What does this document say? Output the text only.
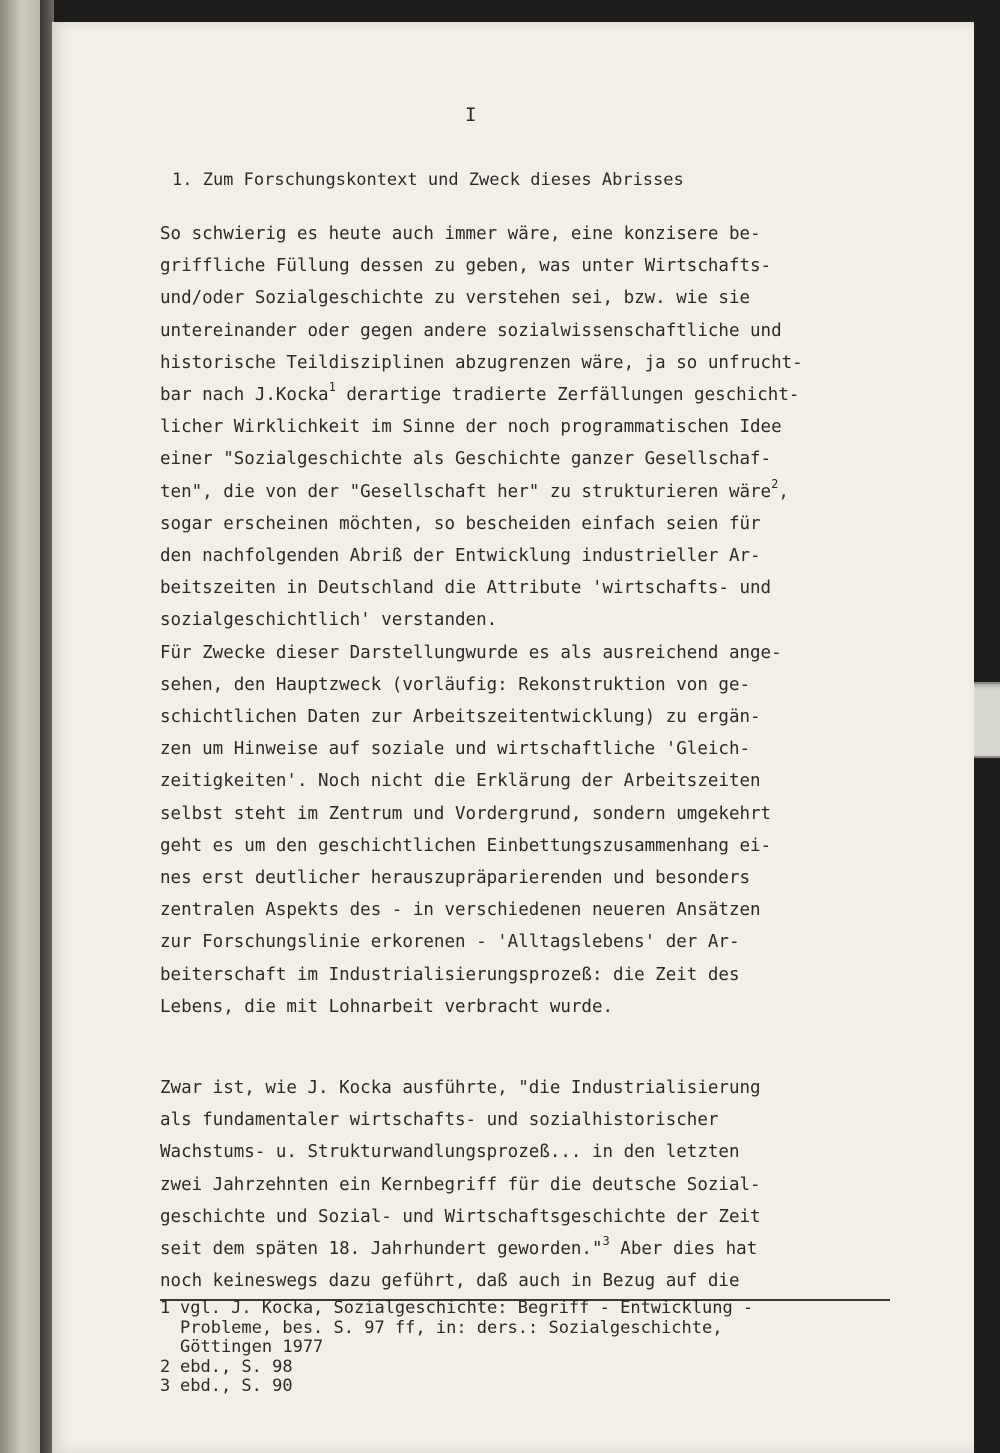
I
1. Zum Forschungskontext und Zweck dieses Abrisses
So schwierig es heute auch immer wäre, eine konzisere be-
griffliche Füllung dessen zu geben, was unter Wirtschafts-
und/oder Sozialgeschichte zu verstehen sei, bzw. wie sie
untereinander oder gegen andere sozialwissenschaftliche und
historische Teildisziplinen abzugrenzen wäre, ja so unfrucht-
bar nach J.Kocka$^1$ derartige tradierte Zerfällungen geschicht-
licher Wirklichkeit im Sinne der noch programmatischen Idee
einer "Sozialgeschichte als Geschichte ganzer Gesellschaf-
ten", die von der "Gesellschaft her" zu strukturieren wäre$^2$,
sogar erscheinen möchten, so bescheiden einfach seien für
den nachfolgenden Abriß der Entwicklung industrieller Ar-
beitszeiten in Deutschland die Attribute 'wirtschafts- und
sozialgeschichtlich' verstanden.
Für Zwecke dieser Darstellungwurde es als ausreichend ange-
sehen, den Hauptzweck (vorläufig: Rekonstruktion von ge-
schichtlichen Daten zur Arbeitszeitentwicklung) zu ergän-
zen um Hinweise auf soziale und wirtschaftliche 'Gleich-
zeitigkeiten'. Noch nicht die Erklärung der Arbeitszeiten
selbst steht im Zentrum und Vordergrund, sondern umgekehrt
geht es um den geschichtlichen Einbettungszusammenhang ei-
nes erst deutlicher herauszupräparierenden und besonders
zentralen Aspekts des - in verschiedenen neueren Ansätzen
zur Forschungslinie erkorenen - 'Alltagslebens' der Ar-
beiterschaft im Industrialisierungsprozeß: die Zeit des
Lebens, die mit Lohnarbeit verbracht wurde.
Zwar ist, wie J. Kocka ausführte, "die Industrialisierung
als fundamentaler wirtschafts- und sozialhistorischer
Wachstums- u. Strukturwandlungsprozeß... in den letzten
zwei Jahrzehnten ein Kernbegriff für die deutsche Sozial-
geschichte und Sozial- und Wirtschaftsgeschichte der Zeit
seit dem späten 18. Jahrhundert geworden."$^3$ Aber dies hat
noch keineswegs dazu geführt, daß auch in Bezug auf die
1 vgl. J. Kocka, Sozialgeschichte: Begriff - Entwicklung -
Probleme, bes. S. 97 ff, in: ders.: Sozialgeschichte,
Göttingen 1977
2 ebd., S. 98
3 ebd., S. 90
